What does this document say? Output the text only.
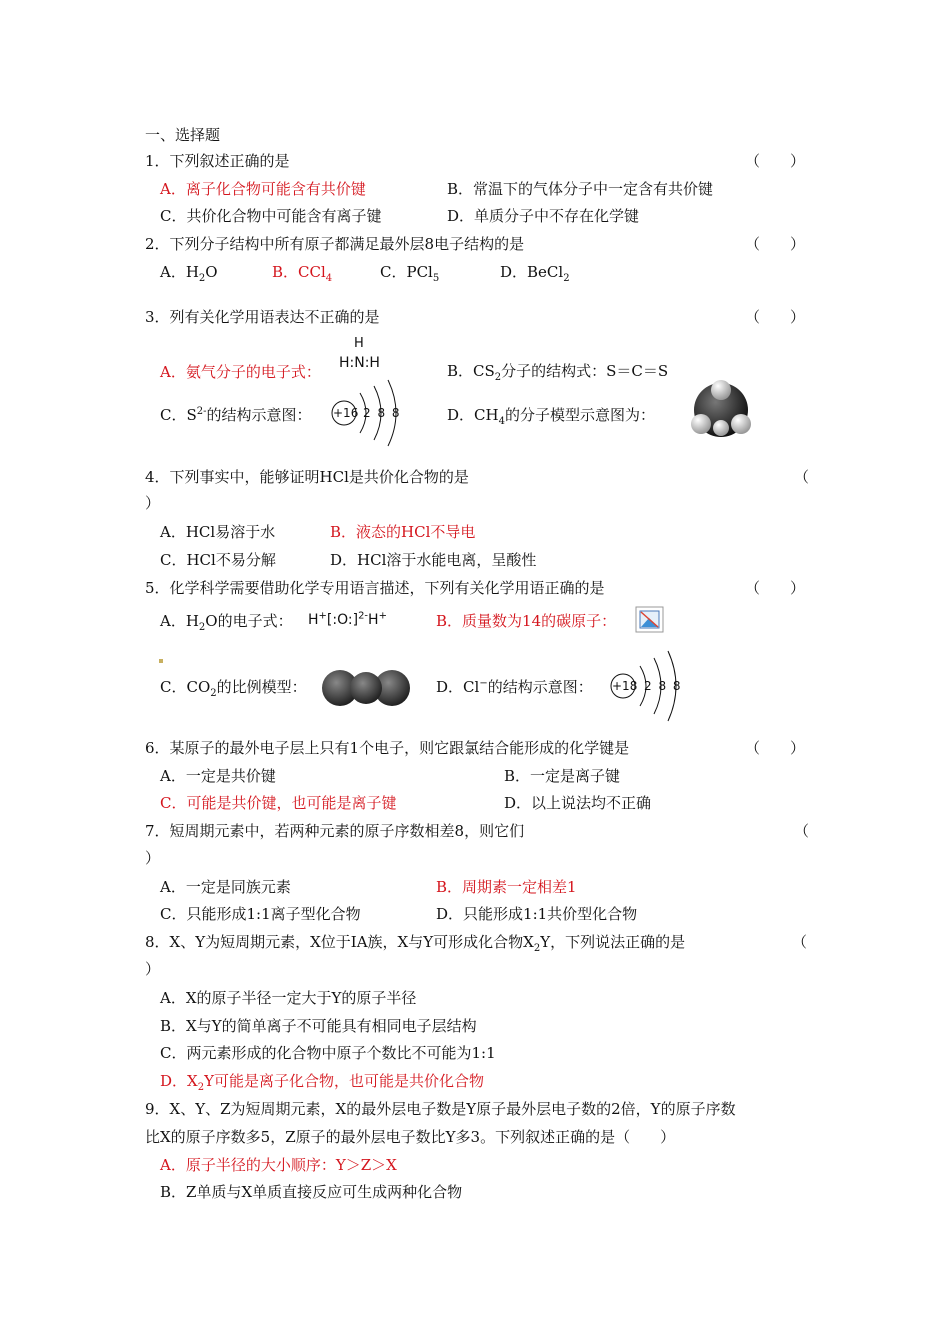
一、选择题
1．下列叙述正确的是	（　　）
A．离子化合物可能含有共价键	B．常温下的气体分子中一定含有共价键
C．共价化合物中可能含有离子键	D．单质分子中不存在化学键
2．下列分子结构中所有原子都满足最外层8电子结构的是	（　　）
A．$H_2O$	B．CCl$_4$	C．PCl$_5$	D．BeCl$_2$
3．列有关化学用语表达不正确的是	（　　）
H
H:N:H
A．氨气分子的电子式：	B．$CS_2$分子的结构式：S＝C＝S
C．$S^{2-}$的结构示意图： +16 2 8 8	D．$CH_4$的分子模型示意图为：
4．下列事实中，能够证明HCl是共价化合物的是	（
）
A．HCl易溶于水	B．液态的HCl不导电
C．HCl不易分解	D．HCl溶于水能电离，呈酸性
5．化学科学需要借助化学专用语言描述，下列有关化学用语正确的是	（　　）
A．$H_2O$的电子式： H+[:O:]$^{2-}$H+	B．质量数为14的碳原子：
C．$CO_2$的比例模型：	D．Cl−的结构示意图： +18 2 8 8
6．某原子的最外电子层上只有1个电子，则它跟氯结合能形成的化学键是	（　　）
A．一定是共价键	B．一定是离子键
C．可能是共价键，也可能是离子键	D．以上说法均不正确
7．短周期元素中，若两种元素的原子序数相差8，则它们	（
）
A．一定是同族元素	B．周期素一定相差1
C．只能形成1:1离子型化合物	D．只能形成1:1共价型化合物
8．X、Y为短周期元素，X位于IA族，X与Y可形成化合物$X_2Y$，下列说法正确的是	（
）
A．X的原子半径一定大于Y的原子半径
B．X与Y的简单离子不可能具有相同电子层结构
C．两元素形成的化合物中原子个数比不可能为1:1
D．$X_2Y$可能是离子化合物，也可能是共价化合物
9．X、Y、Z为短周期元素，X的最外层电子数是Y原子最外层电子数的2倍，Y的原子序数
比X的原子序数多5，Z原子的最外层电子数比Y多3。下列叙述正确的是（　　）
A．原子半径的大小顺序：Y＞Z＞X
B．Z单质与X单质直接反应可生成两种化合物
